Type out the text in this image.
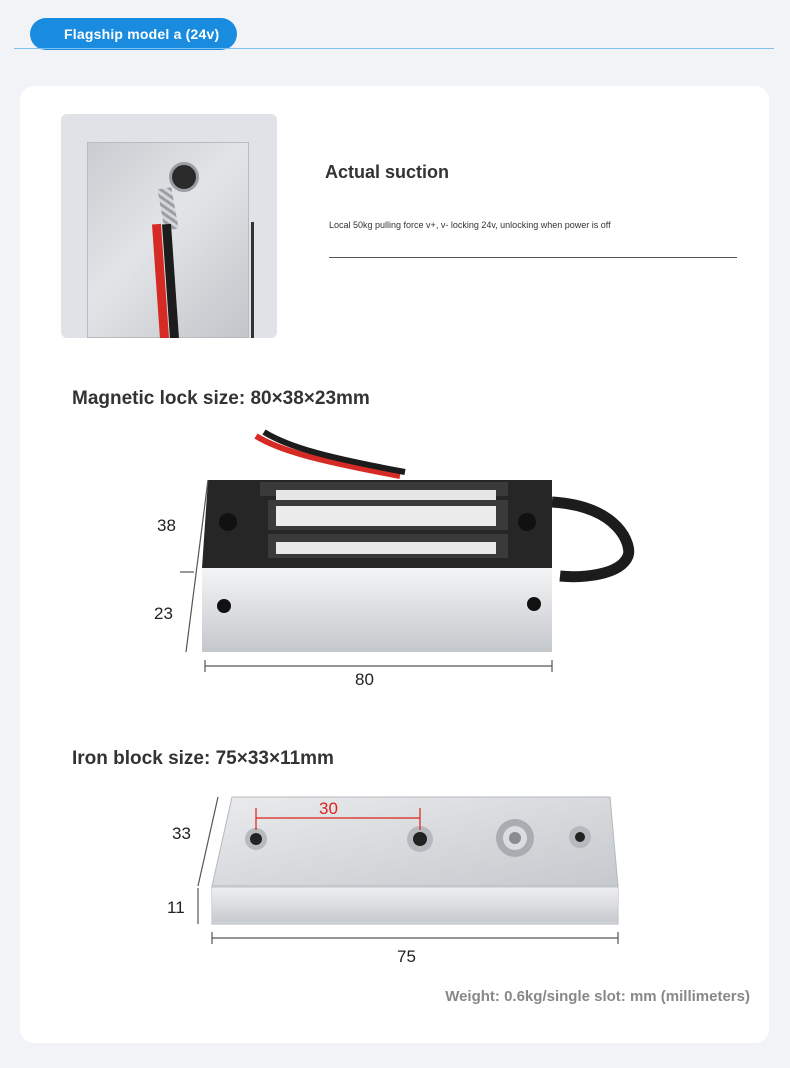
Flagship model a (24v)
Actual suction
Local 50kg pulling force v+, v- locking 24v, unlocking when power is off
Magnetic lock size: 80×38×23mm
38
23
80
Iron block size: 75×33×11mm
30
33
11
75
Weight: 0.6kg/single slot: mm (millimeters)
